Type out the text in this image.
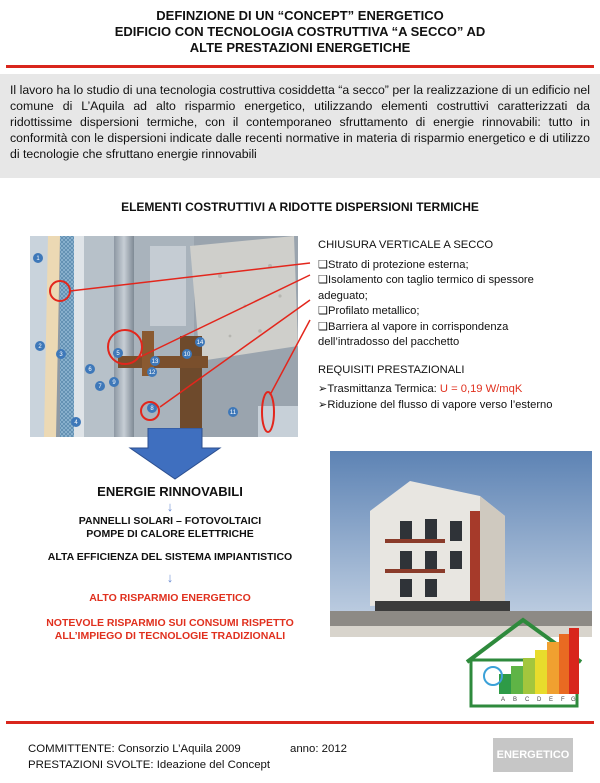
DEFINZIONE DI UN “CONCEPT” ENERGETICO
EDIFICIO CON TECNOLOGIA COSTRUTTIVA “A SECCO” AD
ALTE PRESTAZIONI ENERGETICHE

Il lavoro ha lo studio di una tecnologia costruttiva cosiddetta “a secco” per la realizzazione di un edificio nel comune di L’Aquila ad alto risparmio energetico, utilizzando elementi costruttivi caratterizzati da ridottissime dispersioni termiche, con il contemporaneo sfruttamento di energie rinnovabili: tutto in conformità con le dispersioni indicate dalle recenti normative in materia di risparmio energetico e di utilizzo di tecnologie che sfruttano energie rinnovabili

ELEMENTI COSTRUTTIVI A RIDOTTE DISPERSIONI TERMICHE
1
2
3
4
5
6
7
8
9
10
11
12
13
14
CHIUSURA VERTICALE A SECCO
❑Strato di protezione esterna;
❑Isolamento con taglio termico di spessore
adeguato;
❑Profilato metallico;
❑Barriera al vapore in corrispondenza
dell’intradosso del pacchetto
REQUISITI PRESTAZIONALI
➢Trasmittanza Termica: U = 0,19 W/mqK
➢Riduzione del flusso di vapore verso l’esterno
ENERGIE RINNOVABILI
↓
PANNELLI SOLARI – FOTOVOLTAICI
POMPE DI CALORE ELETTRICHE
ALTA EFFICIENZA DEL SISTEMA IMPIANTISTICO
↓
ALTO RISPARMIO ENERGETICO
NOTEVOLE RISPARMIO SUI CONSUMI RISPETTO
ALL’IMPIEGO DI TECNOLOGIE TRADIZIONALI
A B C D E F G
COMMITTENTE: Consorzio L’Aquila 2009	anno: 2012
PRESTAZIONI SVOLTE: Ideazione del Concept
ENERGETICO
